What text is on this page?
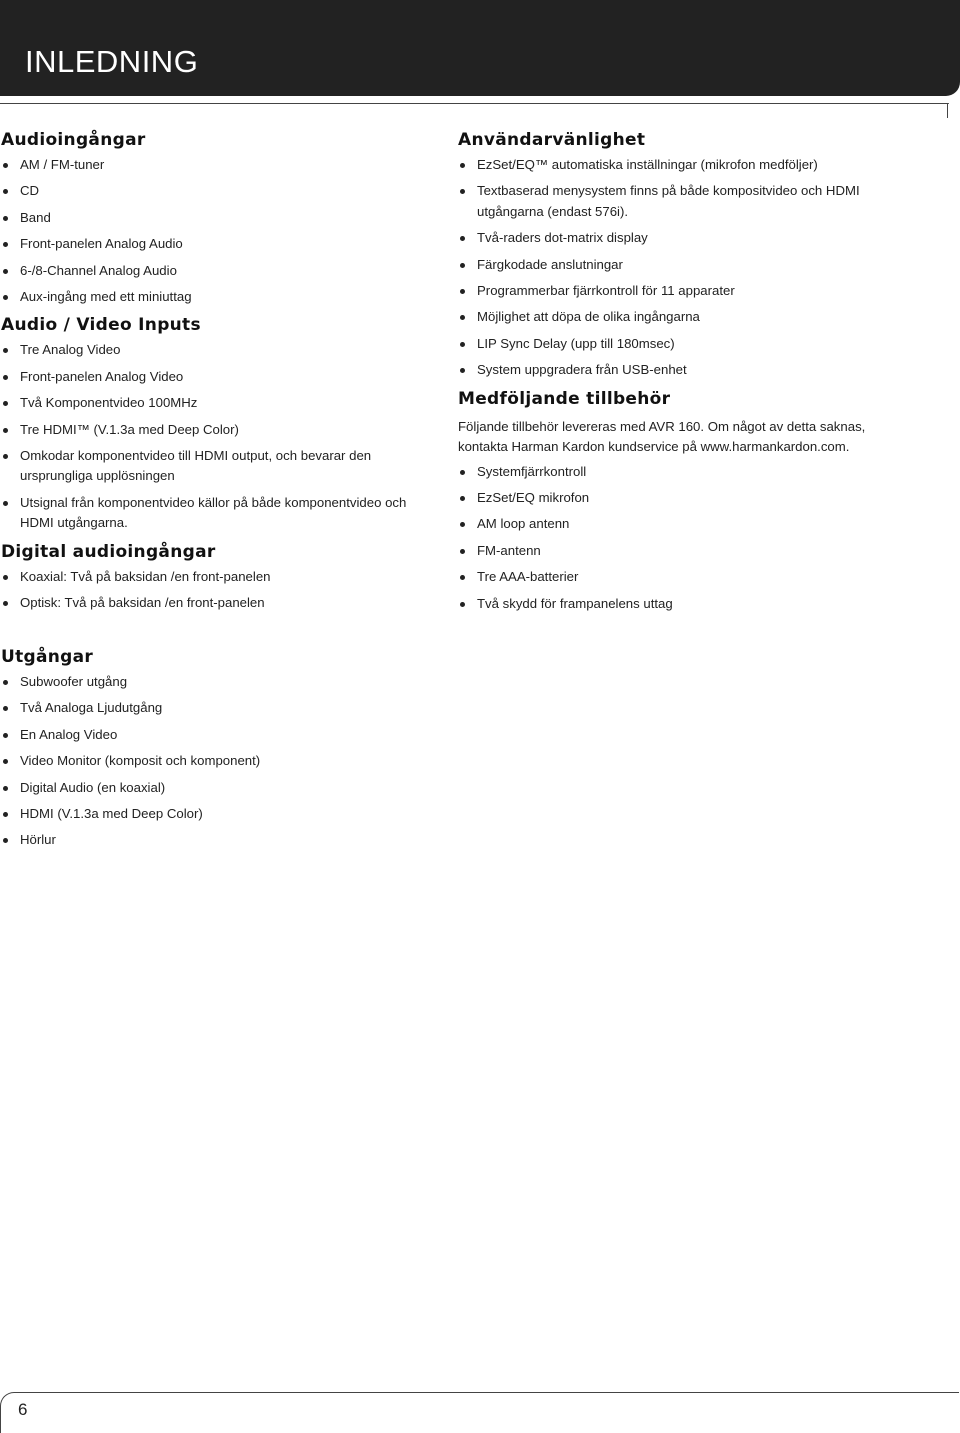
INLEDNING
Audioingångar
AM / FM-tuner
CD
Band
Front-panelen Analog Audio
6-/8-Channel Analog Audio
Aux-ingång med ett miniuttag
Audio / Video Inputs
Tre Analog Video
Front-panelen Analog Video
Två Komponentvideo 100MHz
Tre HDMI™ (V.1.3a med Deep Color)
Omkodar komponentvideo till HDMI output, och bevarar den ursprungliga upplösningen
Utsignal från komponentvideo källor på både komponentvideo och HDMI utgångarna.
Digital audioingångar
Koaxial: Två på baksidan /en front-panelen
Optisk: Två på baksidan /en front-panelen
Utgångar
Subwoofer utgång
Två Analoga Ljudutgång
En Analog Video
Video Monitor (komposit och komponent)
Digital Audio (en koaxial)
HDMI (V.1.3a med Deep Color)
Hörlur
Användarvänlighet
EzSet/EQ™ automatiska inställningar (mikrofon medföljer)
Textbaserad menysystem finns på både kompositvideo och HDMI utgångarna (endast 576i).
Två-raders dot-matrix display
Färgkodade anslutningar
Programmerbar fjärrkontroll för 11 apparater
Möjlighet att döpa de olika ingångarna
LIP Sync Delay (upp till 180msec)
System uppgradera från USB-enhet
Medföljande tillbehör

Följande tillbehör levereras med AVR 160. Om något av detta saknas, kontakta Harman Kardon kundservice på www.harmankardon.com.

Systemfjärrkontroll
EzSet/EQ mikrofon
AM loop antenn
FM-antenn
Tre AAA-batterier
Två skydd för frampanelens uttag
6
